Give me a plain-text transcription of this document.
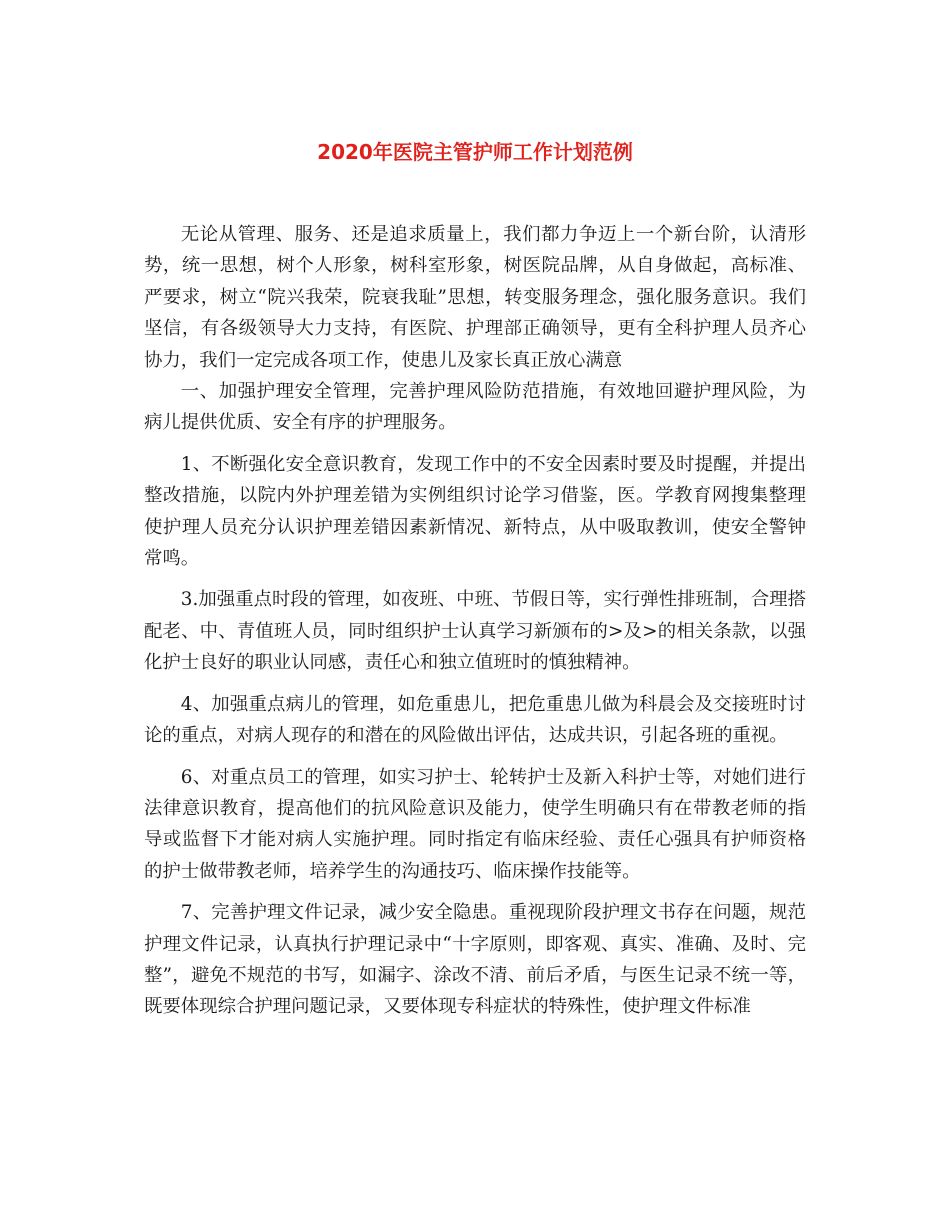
2020年医院主管护师工作计划范例

无论从管理、服务、还是追求质量上，我们都力争迈上一个新台阶，认清形势，统一思想，树个人形象，树科室形象，树医院品牌，从自身做起，高标准、严要求，树立“院兴我荣，院衰我耻”思想，转变服务理念，强化服务意识。我们坚信，有各级领导大力支持，有医院、护理部正确领导，更有全科护理人员齐心协力，我们一定完成各项工作，使患儿及家长真正放心满意

一、加强护理安全管理，完善护理风险防范措施，有效地回避护理风险，为病儿提供优质、安全有序的护理服务。

1、不断强化安全意识教育，发现工作中的不安全因素时要及时提醒，并提出整改措施，以院内外护理差错为实例组织讨论学习借鉴，医。学教育网搜集整理使护理人员充分认识护理差错因素新情况、新特点，从中吸取教训，使安全警钟常鸣。

3.加强重点时段的管理，如夜班、中班、节假日等，实行弹性排班制，合理搭配老、中、青值班人员，同时组织护士认真学习新颁布的>及>的相关条款，以强化护士良好的职业认同感，责任心和独立值班时的慎独精神。

4、加强重点病儿的管理，如危重患儿，把危重患儿做为科晨会及交接班时讨论的重点，对病人现存的和潜在的风险做出评估，达成共识，引起各班的重视。

6、对重点员工的管理，如实习护士、轮转护士及新入科护士等，对她们进行法律意识教育，提高他们的抗风险意识及能力，使学生明确只有在带教老师的指导或监督下才能对病人实施护理。同时指定有临床经验、责任心强具有护师资格的护士做带教老师，培养学生的沟通技巧、临床操作技能等。

7、完善护理文件记录，减少安全隐患。重视现阶段护理文书存在问题，规范护理文件记录，认真执行护理记录中“十字原则，即客观、真实、准确、及时、完整”，避免不规范的书写，如漏字、涂改不清、前后矛盾，与医生记录不统一等，既要体现综合护理问题记录，又要体现专科症状的特殊性，使护理文件标准
